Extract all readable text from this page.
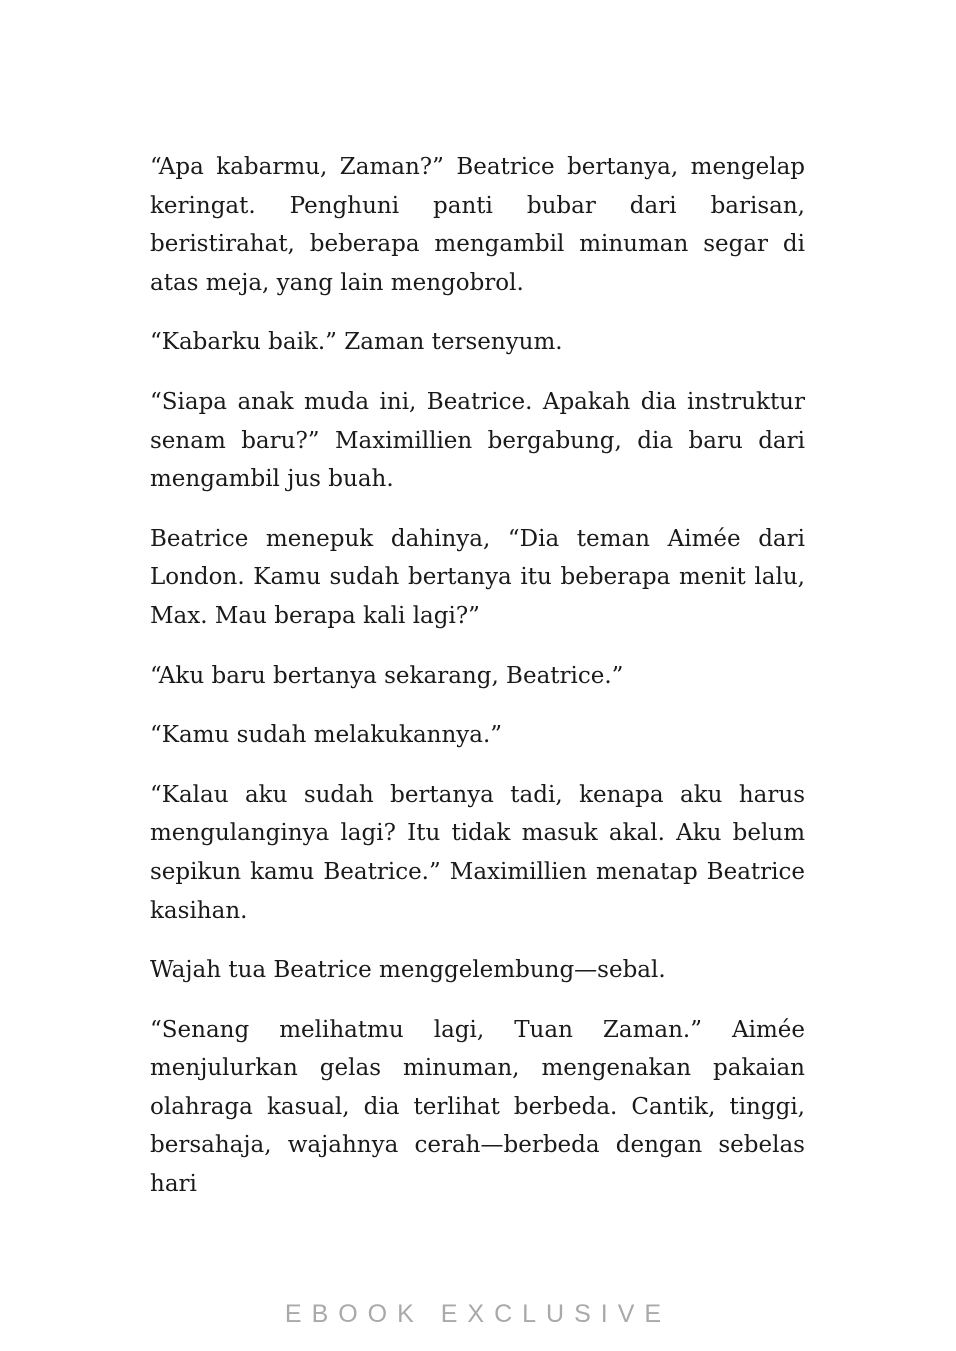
“Apa kabarmu, Zaman?” Beatrice bertanya, mengelap keringat. Penghuni panti bubar dari barisan, beristirahat, beberapa mengambil minuman segar di atas meja, yang lain mengobrol.

“Kabarku baik.” Zaman tersenyum.

“Siapa anak muda ini, Beatrice. Apakah dia instruktur senam baru?” Maximillien bergabung, dia baru dari mengambil jus buah.

Beatrice menepuk dahinya, “Dia teman Aimée dari London. Kamu sudah bertanya itu beberapa menit lalu, Max. Mau berapa kali lagi?”

“Aku baru bertanya sekarang, Beatrice.”

“Kamu sudah melakukannya.”

“Kalau aku sudah bertanya tadi, kenapa aku harus mengulanginya lagi? Itu tidak masuk akal. Aku belum sepikun kamu Beatrice.” Maximillien menatap Beatrice kasihan.

Wajah tua Beatrice menggelembung—sebal.

“Senang melihatmu lagi, Tuan Zaman.” Aimée menjulurkan gelas minuman, mengenakan pakaian olahraga kasual, dia terlihat berbeda. Cantik, tinggi, bersahaja, wajahnya cerah—berbeda dengan sebelas hari

EBOOK EXCLUSIVE
